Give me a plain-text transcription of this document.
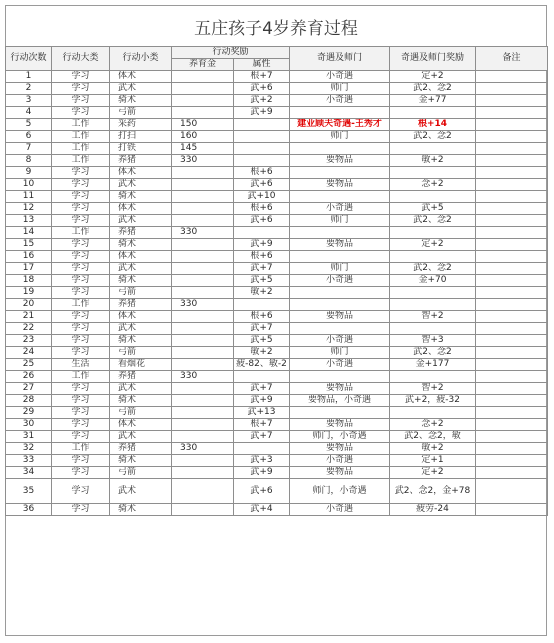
五庄孩子4岁养育过程
行动次数	行动大类	行动小类	行动奖励		奇遇及师门	奇遇及师门奖励	备注
			养育金	属性			
1	学习	体术		根+7	小奇遇	定+2	
2	学习	武术		武+6	师门	武2、念2	
3	学习	骑术		武+2	小奇遇	金+77	
4	学习	弓箭		武+9			
5	工作	采药	150		建业顾夫奇遇-王秀才	根+14	
6	工作	打扫	160		师门	武2、念2	
7	工作	打铁	145				
8	工作	养猪	330		要物品	敏+2	
9	学习	体术		根+6			
10	学习	武术		武+6	要物品	念+2	
11	学习	骑术		武+10			
12	学习	体术		根+6	小奇遇	武+5	
13	学习	武术		武+6	师门	武2、念2	
14	工作	养猪	330				
15	学习	骑术		武+9	要物品	定+2	
16	学习	体术		根+6			
17	学习	武术		武+7	师门	武2、念2	
18	学习	骑术		武+5	小奇遇	金+70	
19	学习	弓箭		敏+2			
20	工作	养猪	330				
21	学习	体术		根+6	要物品	智+2	
22	学习	武术		武+7			
23	学习	骑术		武+5	小奇遇	智+3	
24	学习	弓箭		敏+2	师门	武2、念2	
25	生活	看烟花		疲-82、敏-2	小奇遇	金+177	
26	工作	养猪	330				
27	学习	武术		武+7	要物品	智+2	
28	学习	骑术		武+9	要物品，小奇遇	武+2，疲-32	
29	学习	弓箭		武+13			
30	学习	体术		根+7	要物品	念+2	
31	学习	武术		武+7	师门，小奇遇	武2、念2，敏	
32	工作	养猪	330		要物品	敏+2	
33	学习	骑术		武+3	小奇遇	定+1	
34	学习	弓箭		武+9	要物品	定+2	
35	学习	武术		武+6	师门，小奇遇	武2、念2，金+78	
36	学习	骑术		武+4	小奇遇	疲劳-24	
